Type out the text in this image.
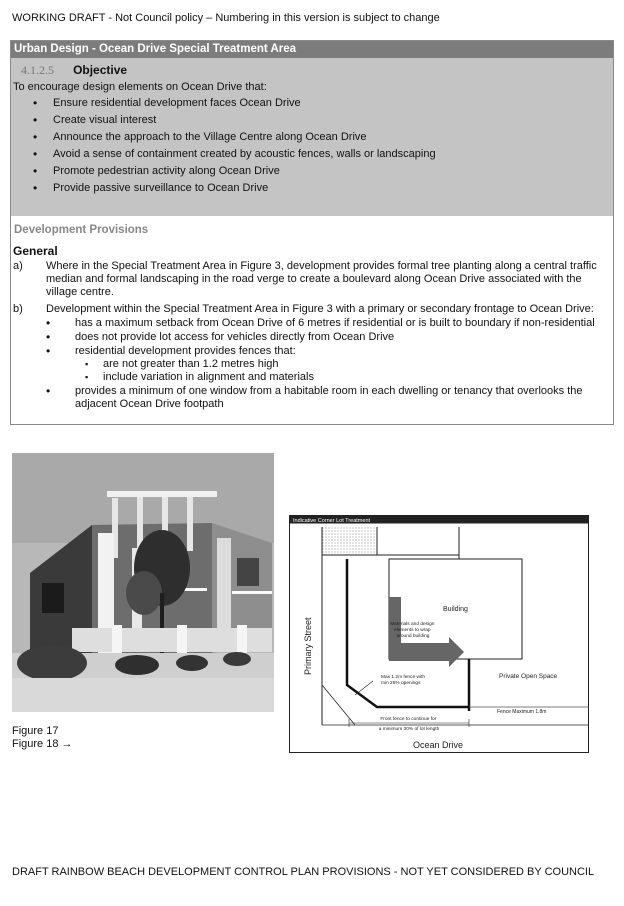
WORKING DRAFT - Not Council policy – Numbering in this version is subject to change
Urban Design - Ocean Drive Special Treatment Area
4.1.2.5 Objective
To encourage design elements on Ocean Drive that:
• Ensure residential development faces Ocean Drive
• Create visual interest
• Announce the approach to the Village Centre along Ocean Drive
• Avoid a sense of containment created by acoustic fences, walls or landscaping
• Promote pedestrian activity along Ocean Drive
• Provide passive surveillance to Ocean Drive
Development Provisions
General
a) Where in the Special Treatment Area in Figure 3, development provides formal tree planting along a central traffic median and formal landscaping in the road verge to create a boulevard along Ocean Drive associated with the village centre.
b) Development within the Special Treatment Area in Figure 3 with a primary or secondary frontage to Ocean Drive:
• has a maximum setback from Ocean Drive of 6 metres if residential or is built to boundary if non-residential
• does not provide lot access for vehicles directly from Ocean Drive
• residential development provides fences that:
▪ are not greater than 1.2 metres high
▪ include variation in alignment and materials
• provides a minimum of one window from a habitable room in each dwelling or tenancy that overlooks the adjacent Ocean Drive footpath
Figure 17
Figure 18 →
Indicative Corner Lot Treatment
Building
Materials and design elements to wrap around building
Max 1.2m fence with min 25% openings
Private Open Space
Fence Maximum 1.8m
Front fence to continue for a minimum 30% of lot length
Primary Street
Ocean Drive
DRAFT RAINBOW BEACH DEVELOPMENT CONTROL PLAN PROVISIONS - NOT YET CONSIDERED BY COUNCIL
